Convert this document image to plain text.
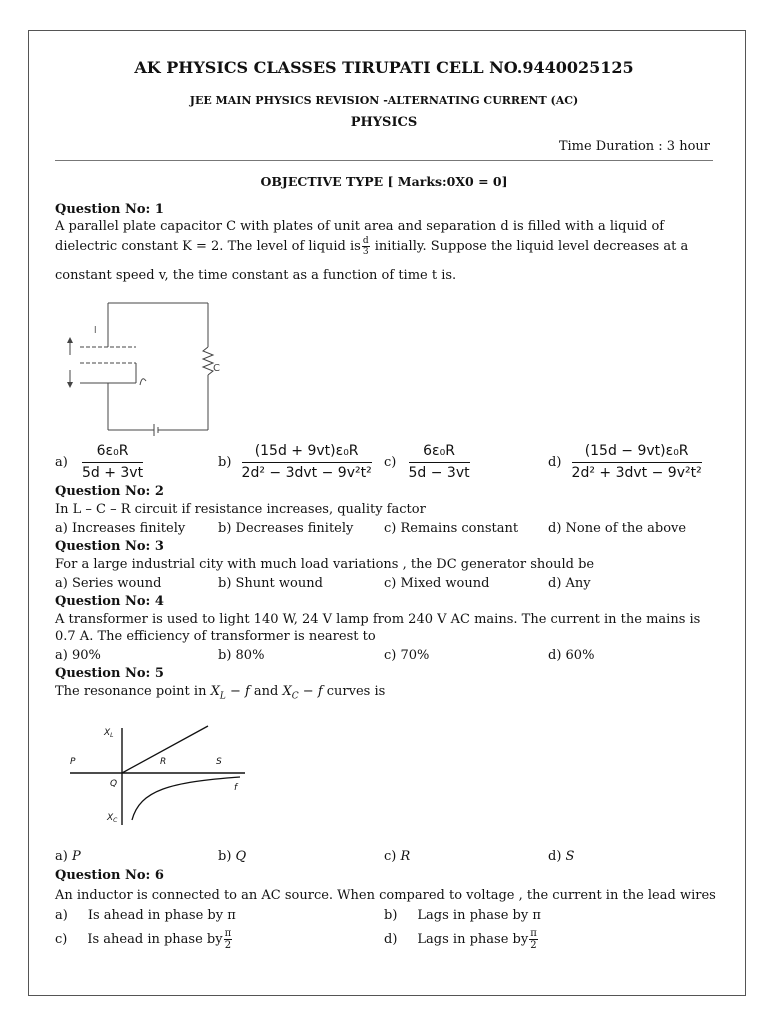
AK PHYSICS CLASSES TIRUPATI CELL NO.9440025125
JEE MAIN PHYSICS REVISION -ALTERNATING CURRENT (AC)
PHYSICS
Time Duration : 3 hour
OBJECTIVE TYPE [ Marks:0X0 = 0]
Question No: 1
A parallel plate capacitor C with plates of unit area and separation d is filled with a liquid of
dielectric constant K = 2. The level of liquid is $\frac{d}{3}$ initially. Suppose the liquid level decreases at a
constant speed v, the time constant as a function of time t is.
l
C
$a) \frac{\text{6ε₀R}}{5d + 3vt}$	b)
(15d + 9vt)ε₀R
2d² − 3dvt − 9v²t²
$c) \frac{\text{6ε₀R}}{5d - 3vt}$	d)
(15d − 9vt)ε₀R
2d² + 3dvt − 9v²t²
Question No: 2
In L – C – R circuit if resistance increases, quality factor
a) Increases finitely	b) Decreases finitely c) Remains constant d) None of the above
Question No: 3
For a large industrial city with much load variations , the DC generator should be
a) Series wound	b) Shunt wound	c) Mixed wound	d) Any
Question No: 4
A transformer is used to light 140 W, 24 V lamp from 240 V AC mains. The current in the mains is
0.7 A. The efficiency of transformer is nearest to
a) 90%	b) 80%	c) 70%	d) 60%
Question No: 5
The resonance point in $X_L - f$ and $X_C - f$ curves is
$X_L$
P
Q
R	S
f
$X_C$
a) P	b) Q	c) R	d) S
Question No: 6
An inductor is connected to an AC source. When compared to voltage , the current in the lead wires
a) Is ahead in phase by π	b) Lags in phase by π
c) Is ahead in phase by $\frac{\pi}{2}$	d) Lags in phase by $\frac{\pi}{2}$
